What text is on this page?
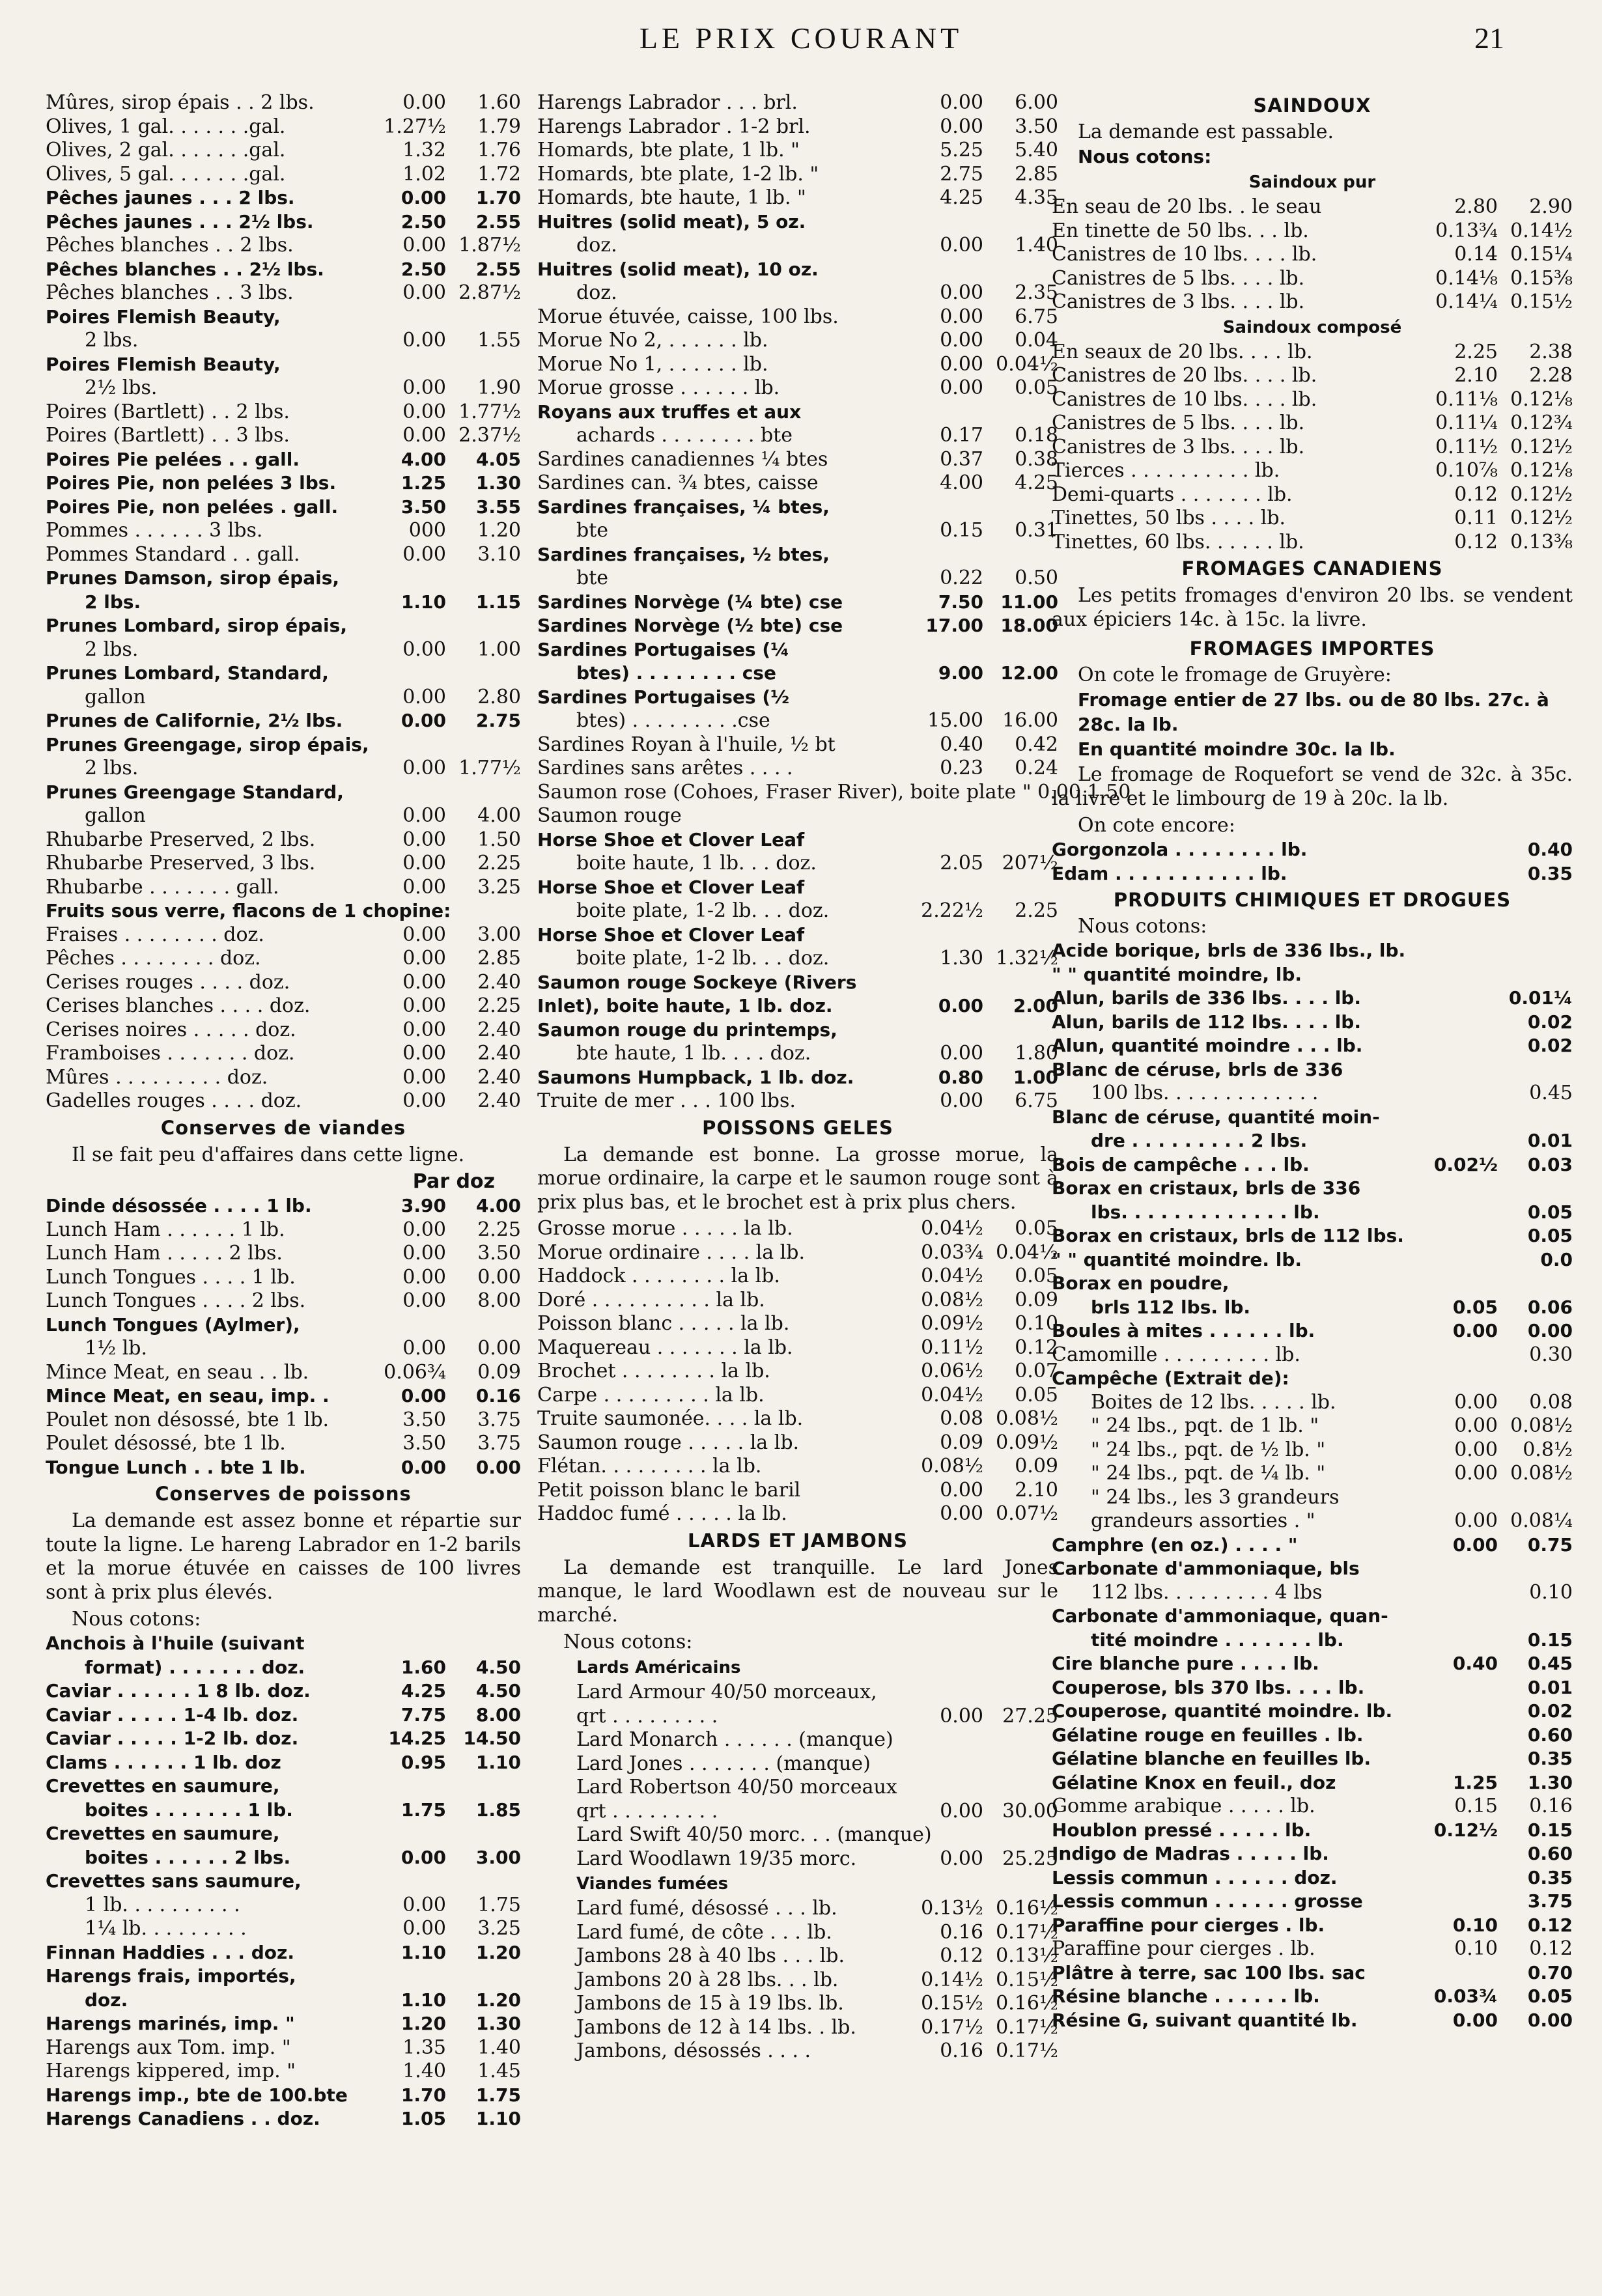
LE PRIX COURANT	21
Mûres, sirop épais . . 2 lbs.	0.00	1.60
Olives, 1 gal. . . . . . .gal.	1.27½	1.79
Olives, 2 gal. . . . . . .gal.	1.32	1.76
Olives, 5 gal. . . . . . .gal.	1.02	1.72
Pêches jaunes . . . 2 lbs.	0.00	1.70
Pêches jaunes . . . 2½ lbs.	2.50	2.55
Pêches blanches . . 2 lbs.	0.00 1.87½
Pêches blanches . . 2½ lbs.	2.50	2.55
Pêches blanches . . 3 lbs.	0.00 2.87½
Poires Flemish Beauty,
2 lbs.	0.00	1.55
Poires Flemish Beauty,
2½ lbs.	0.00	1.90
Poires (Bartlett) . . 2 lbs.	0.00 1.77½
Poires (Bartlett) . . 3 lbs.	0.00 2.37½
Poires Pie pelées . . gall.	4.00	4.05
Poires Pie, non pelées 3 lbs.	1.25	1.30
Poires Pie, non pelées . gall.	3.50	3.55
Pommes . . . . . . 3 lbs.	000	1.20
Pommes Standard . . gall.	0.00	3.10
Prunes Damson, sirop épais,
2 lbs.	1.10	1.15
Prunes Lombard, sirop épais,
2 lbs.	0.00	1.00
Prunes Lombard, Standard,
gallon	0.00	2.80
Prunes de Californie, 2½ lbs.	0.00	2.75
Prunes Greengage, sirop épais,
2 lbs.	0.00 1.77½
Prunes Greengage Standard,
gallon	0.00	4.00
Rhubarbe Preserved, 2 lbs.	0.00	1.50
Rhubarbe Preserved, 3 lbs.	0.00	2.25
Rhubarbe . . . . . . . gall.	0.00	3.25
Fruits sous verre, flacons de 1 chopine:
Fraises . . . . . . . . doz.	0.00	3.00
Pêches . . . . . . . . doz.	0.00	2.85
Cerises rouges . . . . doz.	0.00	2.40
Cerises blanches . . . . doz.	0.00	2.25
Cerises noires . . . . . doz.	0.00	2.40
Framboises . . . . . . . doz.	0.00	2.40
Mûres . . . . . . . . . doz.	0.00	2.40
Gadelles rouges . . . . doz.	0.00	2.40
Conserves de viandes
Il se fait peu d'affaires dans cette ligne.
Par doz
Dinde désossée . . . . 1 lb.	3.90	4.00
Lunch Ham . . . . . . 1 lb.	0.00	2.25
Lunch Ham . . . . . 2 lbs.	0.00	3.50
Lunch Tongues . . . . 1 lb.	0.00	0.00
Lunch Tongues . . . . 2 lbs.	0.00	8.00
Lunch Tongues (Aylmer),
1½ lb.	0.00	0.00
Mince Meat, en seau . . lb.	0.06¾	0.09
Mince Meat, en seau, imp. .	0.00	0.16
Poulet non désossé, bte 1 lb.	3.50	3.75
Poulet désossé, bte 1 lb.	3.50	3.75
Tongue Lunch . . bte 1 lb.	0.00	0.00
Conserves de poissons
La demande est assez bonne et répartie sur toute la ligne. Le hareng Labrador en 1-2 barils et la morue étuvée en caisses de 100 livres sont à prix plus élevés.
Nous cotons:
Anchois à l'huile (suivant
format) . . . . . . . doz.	1.60	4.50
Caviar . . . . . . 1 8 lb. doz.	4.25	4.50
Caviar . . . . . 1-4 lb. doz.	7.75	8.00
Caviar . . . . . 1-2 lb. doz.	14.25 14.50
Clams . . . . . . 1 lb. doz	0.95	1.10
Crevettes en saumure,
boites . . . . . . . 1 lb.	1.75	1.85
Crevettes en saumure,
boites . . . . . . 2 lbs.	0.00	3.00
Crevettes sans saumure,
1 lb. . . . . . . . . .	0.00	1.75
1¼ lb. . . . . . . . .	0.00	3.25
Finnan Haddies . . . doz.	1.10	1.20
Harengs frais, importés,
doz.	1.10	1.20
Harengs marinés, imp. "	1.20	1.30
Harengs aux Tom. imp. "	1.35	1.40
Harengs kippered, imp. "	1.40	1.45
Harengs imp., bte de 100.bte	1.70	1.75
Harengs Canadiens . . doz.	1.05	1.10
Harengs Labrador . . . brl.	0.00	6.00
Harengs Labrador . 1-2 brl.	0.00	3.50
Homards, bte plate, 1 lb. "	5.25	5.40
Homards, bte plate, 1-2 lb. "	2.75	2.85
Homards, bte haute, 1 lb. "	4.25	4.35
Huitres (solid meat), 5 oz.
doz.	0.00	1.40
Huitres (solid meat), 10 oz.
doz.	0.00	2.35
Morue étuvée, caisse, 100 lbs.	0.00	6.75
Morue No 2, . . . . . . lb.	0.00	0.04
Morue No 1, . . . . . . lb.	0.00 0.04½
Morue grosse . . . . . . lb.	0.00	0.05
Royans aux truffes et aux
achards . . . . . . . . bte	0.17	0.18
Sardines canadiennes ¼ btes	0.37	0.38
Sardines can. ¾ btes, caisse	4.00	4.25
Sardines françaises, ¼ btes,
bte	0.15	0.31
Sardines françaises, ½ btes,
bte	0.22	0.50
Sardines Norvège (¼ bte) cse	7.50 11.00
Sardines Norvège (½ bte) cse	17.00 18.00
Sardines Portugaises (¼
btes) . . . . . . . . cse	9.00 12.00
Sardines Portugaises (½
btes) . . . . . . . . .cse	15.00 16.00
Sardines Royan à l'huile, ½ bt	0.40	0.42
Sardines sans arêtes . . . .	0.23	0.24
Saumon rose (Cohoes, Fraser River), boite plate " 0.00 1.50
Saumon rouge
Horse Shoe et Clover Leaf
boite haute, 1 lb. . . doz.	2.05 207½
Horse Shoe et Clover Leaf
boite plate, 1-2 lb. . . doz.	2.22½	2.25
Horse Shoe et Clover Leaf
boite plate, 1-2 lb. . . doz.	1.30 1.32½
Saumon rouge Sockeye (Rivers
Inlet), boite haute, 1 lb. doz.	0.00	2.00
Saumon rouge du printemps,
bte haute, 1 lb. . . . doz.	0.00	1.80
Saumons Humpback, 1 lb. doz.	0.80	1.00
Truite de mer . . . 100 lbs.	0.00	6.75
POISSONS GELES
La demande est bonne. La grosse morue, la morue ordinaire, la carpe et le saumon rouge sont à prix plus bas, et le brochet est à prix plus chers.
Grosse morue . . . . . la lb.	0.04½	0.05
Morue ordinaire . . . . la lb.	0.03¾ 0.04½
Haddock . . . . . . . . la lb.	0.04½	0.05
Doré . . . . . . . . . . la lb.	0.08½	0.09
Poisson blanc . . . . . la lb.	0.09½	0.10
Maquereau . . . . . . . la lb.	0.11½	0.12
Brochet . . . . . . . . la lb.	0.06½	0.07
Carpe . . . . . . . . . la lb.	0.04½	0.05
Truite saumonée. . . . la lb.	0.08 0.08½
Saumon rouge . . . . . la lb.	0.09 0.09½
Flétan. . . . . . . . . la lb.	0.08½	0.09
Petit poisson blanc le baril	0.00	2.10
Haddoc fumé . . . . . la lb.	0.00 0.07½
LARDS ET JAMBONS
La demande est tranquille. Le lard Jones manque, le lard Woodlawn est de nouveau sur le marché.
Nous cotons:
Lards Américains
Lard Armour 40/50 morceaux,
qrt . . . . . . . . .	0.00 27.25
Lard Monarch . . . . . . (manque)
Lard Jones . . . . . . . (manque)
Lard Robertson 40/50 morceaux
qrt . . . . . . . . .	0.00 30.00
Lard Swift 40/50 morc. . . (manque)
Lard Woodlawn 19/35 morc.	0.00 25.25
Viandes fumées
Lard fumé, désossé . . . lb.	0.13½ 0.16½
Lard fumé, de côte . . . lb.	0.16 0.17½
Jambons 28 à 40 lbs . . . lb.	0.12 0.13½
Jambons 20 à 28 lbs. . . lb.	0.14½ 0.15½
Jambons de 15 à 19 lbs. lb.	0.15½ 0.16½
Jambons de 12 à 14 lbs. . lb.	0.17½ 0.17½
Jambons, désossés . . . .	0.16 0.17½
SAINDOUX
La demande est passable.
Nous cotons:
Saindoux pur
En seau de 20 lbs. . le seau	2.80	2.90
En tinette de 50 lbs. . . lb.	0.13¾ 0.14½
Canistres de 10 lbs. . . . lb.	0.14 0.15¼
Canistres de 5 lbs. . . . lb.	0.14⅛ 0.15⅜
Canistres de 3 lbs. . . . lb.	0.14¼ 0.15½
Saindoux composé
En seaux de 20 lbs. . . . lb.	2.25	2.38
Canistres de 20 lbs. . . . lb.	2.10	2.28
Canistres de 10 lbs. . . . lb.	0.11⅛ 0.12⅛
Canistres de 5 lbs. . . . lb.	0.11¼ 0.12¾
Canistres de 3 lbs. . . . lb.	0.11½ 0.12½
Tierces . . . . . . . . . . lb.	0.10⅞ 0.12⅛
Demi-quarts . . . . . . . lb.	0.12 0.12½
Tinettes, 50 lbs . . . . lb.	0.11 0.12½
Tinettes, 60 lbs. . . . . . lb.	0.12 0.13⅜
FROMAGES CANADIENS
Les petits fromages d'environ 20 lbs. se vendent aux épiciers 14c. à 15c. la livre.
FROMAGES IMPORTES
On cote le fromage de Gruyère:
Fromage entier de 27 lbs. ou de 80 lbs. 27c. à 28c. la lb.
En quantité moindre 30c. la lb.
Le fromage de Roquefort se vend de 32c. à 35c. la livre et le limbourg de 19 à 20c. la lb.
On cote encore:
Gorgonzola . . . . . . . . lb.	0.40
Edam . . . . . . . . . . . lb.	0.35
PRODUITS CHIMIQUES ET DROGUES
Nous cotons:
Acide borique, brls de 336 lbs., lb.
" " quantité moindre, lb.
Alun, barils de 336 lbs. . . . lb.	0.01¼
Alun, barils de 112 lbs. . . . lb.	0.02
Alun, quantité moindre . . . lb.	0.02
Blanc de céruse, brls de 336
100 lbs. . . . . . . . . . . . .	0.45
Blanc de céruse, quantité moin-
dre . . . . . . . . . 2 lbs.	0.01
Bois de campêche . . . lb.	0.02½	0.03
Borax en cristaux, brls de 336
lbs. . . . . . . . . . . . . lb.	0.05
Borax en cristaux, brls de 112 lbs.	0.05
" " quantité moindre. lb.	0.0
Borax en poudre,
brls 112 lbs. lb.	0.05	0.06
Boules à mites . . . . . . lb.	0.00	0.00
Camomille . . . . . . . . . lb.	0.30
Campêche (Extrait de):
Boites de 12 lbs. . . . . lb.	0.00	0.08
" 24 lbs., pqt. de 1 lb. "	0.00 0.08½
" 24 lbs., pqt. de ½ lb. "	0.00	0.8½
" 24 lbs., pqt. de ¼ lb. "	0.00 0.08½
" 24 lbs., les 3 grandeurs
grandeurs assorties . "	0.00 0.08¼
Camphre (en oz.) . . . . "	0.00	0.75
Carbonate d'ammoniaque, bls
112 lbs. . . . . . . . . 4 lbs	0.10
Carbonate d'ammoniaque, quan-
tité moindre . . . . . . . lb.	0.15
Cire blanche pure . . . . lb.	0.40	0.45
Couperose, bls 370 lbs. . . . lb.	0.01
Couperose, quantité moindre. lb.	0.02
Gélatine rouge en feuilles . lb.	0.60
Gélatine blanche en feuilles lb.	0.35
Gélatine Knox en feuil., doz	1.25	1.30
Gomme arabique . . . . . lb.	0.15	0.16
Houblon pressé . . . . . lb.	0.12½	0.15
Indigo de Madras . . . . . lb.	0.60
Lessis commun . . . . . . doz.	0.35
Lessis commun . . . . . . grosse	3.75
Paraffine pour cierges . lb.	0.10	0.12
Paraffine pour cierges . lb.	0.10	0.12
Plâtre à terre, sac 100 lbs. sac	0.70
Résine blanche . . . . . . lb.	0.03¾	0.05
Résine G, suivant quantité lb.	0.00	0.00
